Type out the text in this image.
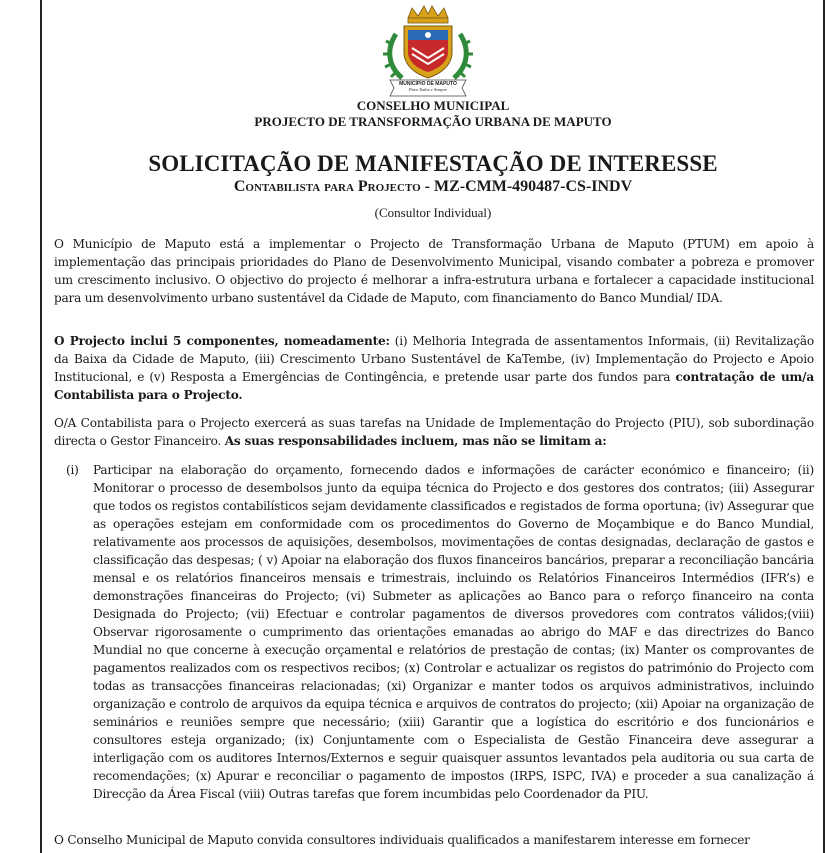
MUNICÍPIO DE MAPUTO
Para Todos e Sempre
CONSELHO MUNICIPAL
PROJECTO DE TRANSFORMAÇÃO URBANA DE MAPUTO
SOLICITAÇÃO DE MANIFESTAÇÃO DE INTERESSE
Contabilista para Projecto - MZ-CMM-490487-CS-INDV
(Consultor Individual)
O Município de Maputo está a implementar o Projecto de Transformação Urbana de Maputo (PTUM) em apoio à implementação das principais prioridades do Plano de Desenvolvimento Municipal, visando combater a pobreza e promover um crescimento inclusivo. O objectivo do projecto é melhorar a infra-estrutura urbana e fortalecer a capacidade institucional para um desenvolvimento urbano sustentável da Cidade de Maputo, com financiamento do Banco Mundial/ IDA.
O Projecto inclui 5 componentes, nomeadamente: (i) Melhoria Integrada de assentamentos Informais, (ii) Revitalização da Baixa da Cidade de Maputo, (iii) Crescimento Urbano Sustentável de KaTembe, (iv) Implementação do Projecto e Apoio Institucional, e (v) Resposta a Emergências de Contingência, e pretende usar parte dos fundos para contratação de um/a Contabilista para o Projecto.
O/A Contabilista para o Projecto exercerá as suas tarefas na Unidade de Implementação do Projecto (PIU), sob subordinação directa o Gestor Financeiro. As suas responsabilidades incluem, mas não se limitam a:
(i) Participar na elaboração do orçamento, fornecendo dados e informações de carácter económico e financeiro; (ii) Monitorar o processo de desembolsos junto da equipa técnica do Projecto e dos gestores dos contratos; (iii) Assegurar que todos os registos contabilísticos sejam devidamente classificados e registados de forma oportuna; (iv) Assegurar que as operações estejam em conformidade com os procedimentos do Governo de Moçambique e do Banco Mundial, relativamente aos processos de aquisições, desembolsos, movimentações de contas designadas, declaração de gastos e classificação das despesas; ( v) Apoiar na elaboração dos fluxos financeiros bancários, preparar a reconciliação bancária mensal e os relatórios financeiros mensais e trimestrais, incluindo os Relatórios Financeiros Intermédios (IFR’s) e demonstrações financeiras do Projecto; (vi) Submeter as aplicações ao Banco para o reforço financeiro na conta Designada do Projecto; (vii) Efectuar e controlar pagamentos de diversos provedores com contratos válidos;(viii) Observar rigorosamente o cumprimento das orientações emanadas ao abrigo do MAF e das directrizes do Banco Mundial no que concerne à execução orçamental e relatórios de prestação de contas; (ix) Manter os comprovantes de pagamentos realizados com os respectivos recibos; (x) Controlar e actualizar os registos do património do Projecto com todas as transacções financeiras relacionadas; (xi) Organizar e manter todos os arquivos administrativos, incluindo organização e controlo de arquivos da equipa técnica e arquivos de contratos do projecto; (xii) Apoiar na organização de seminários e reuniões sempre que necessário; (xiii) Garantir que a logística do escritório e dos funcionários e consultores esteja organizado; (ix) Conjuntamente com o Especialista de Gestão Financeira deve assegurar a interligação com os auditores Internos/Externos e seguir quaisquer assuntos levantados pela auditoria ou sua carta de recomendações; (x) Apurar e reconciliar o pagamento de impostos (IRPS, ISPC, IVA) e proceder a sua canalização á Direcção da Área Fiscal (viii) Outras tarefas que forem incumbidas pelo Coordenador da PIU.
O Conselho Municipal de Maputo convida consultores individuais qualificados a manifestarem interesse em fornecer
